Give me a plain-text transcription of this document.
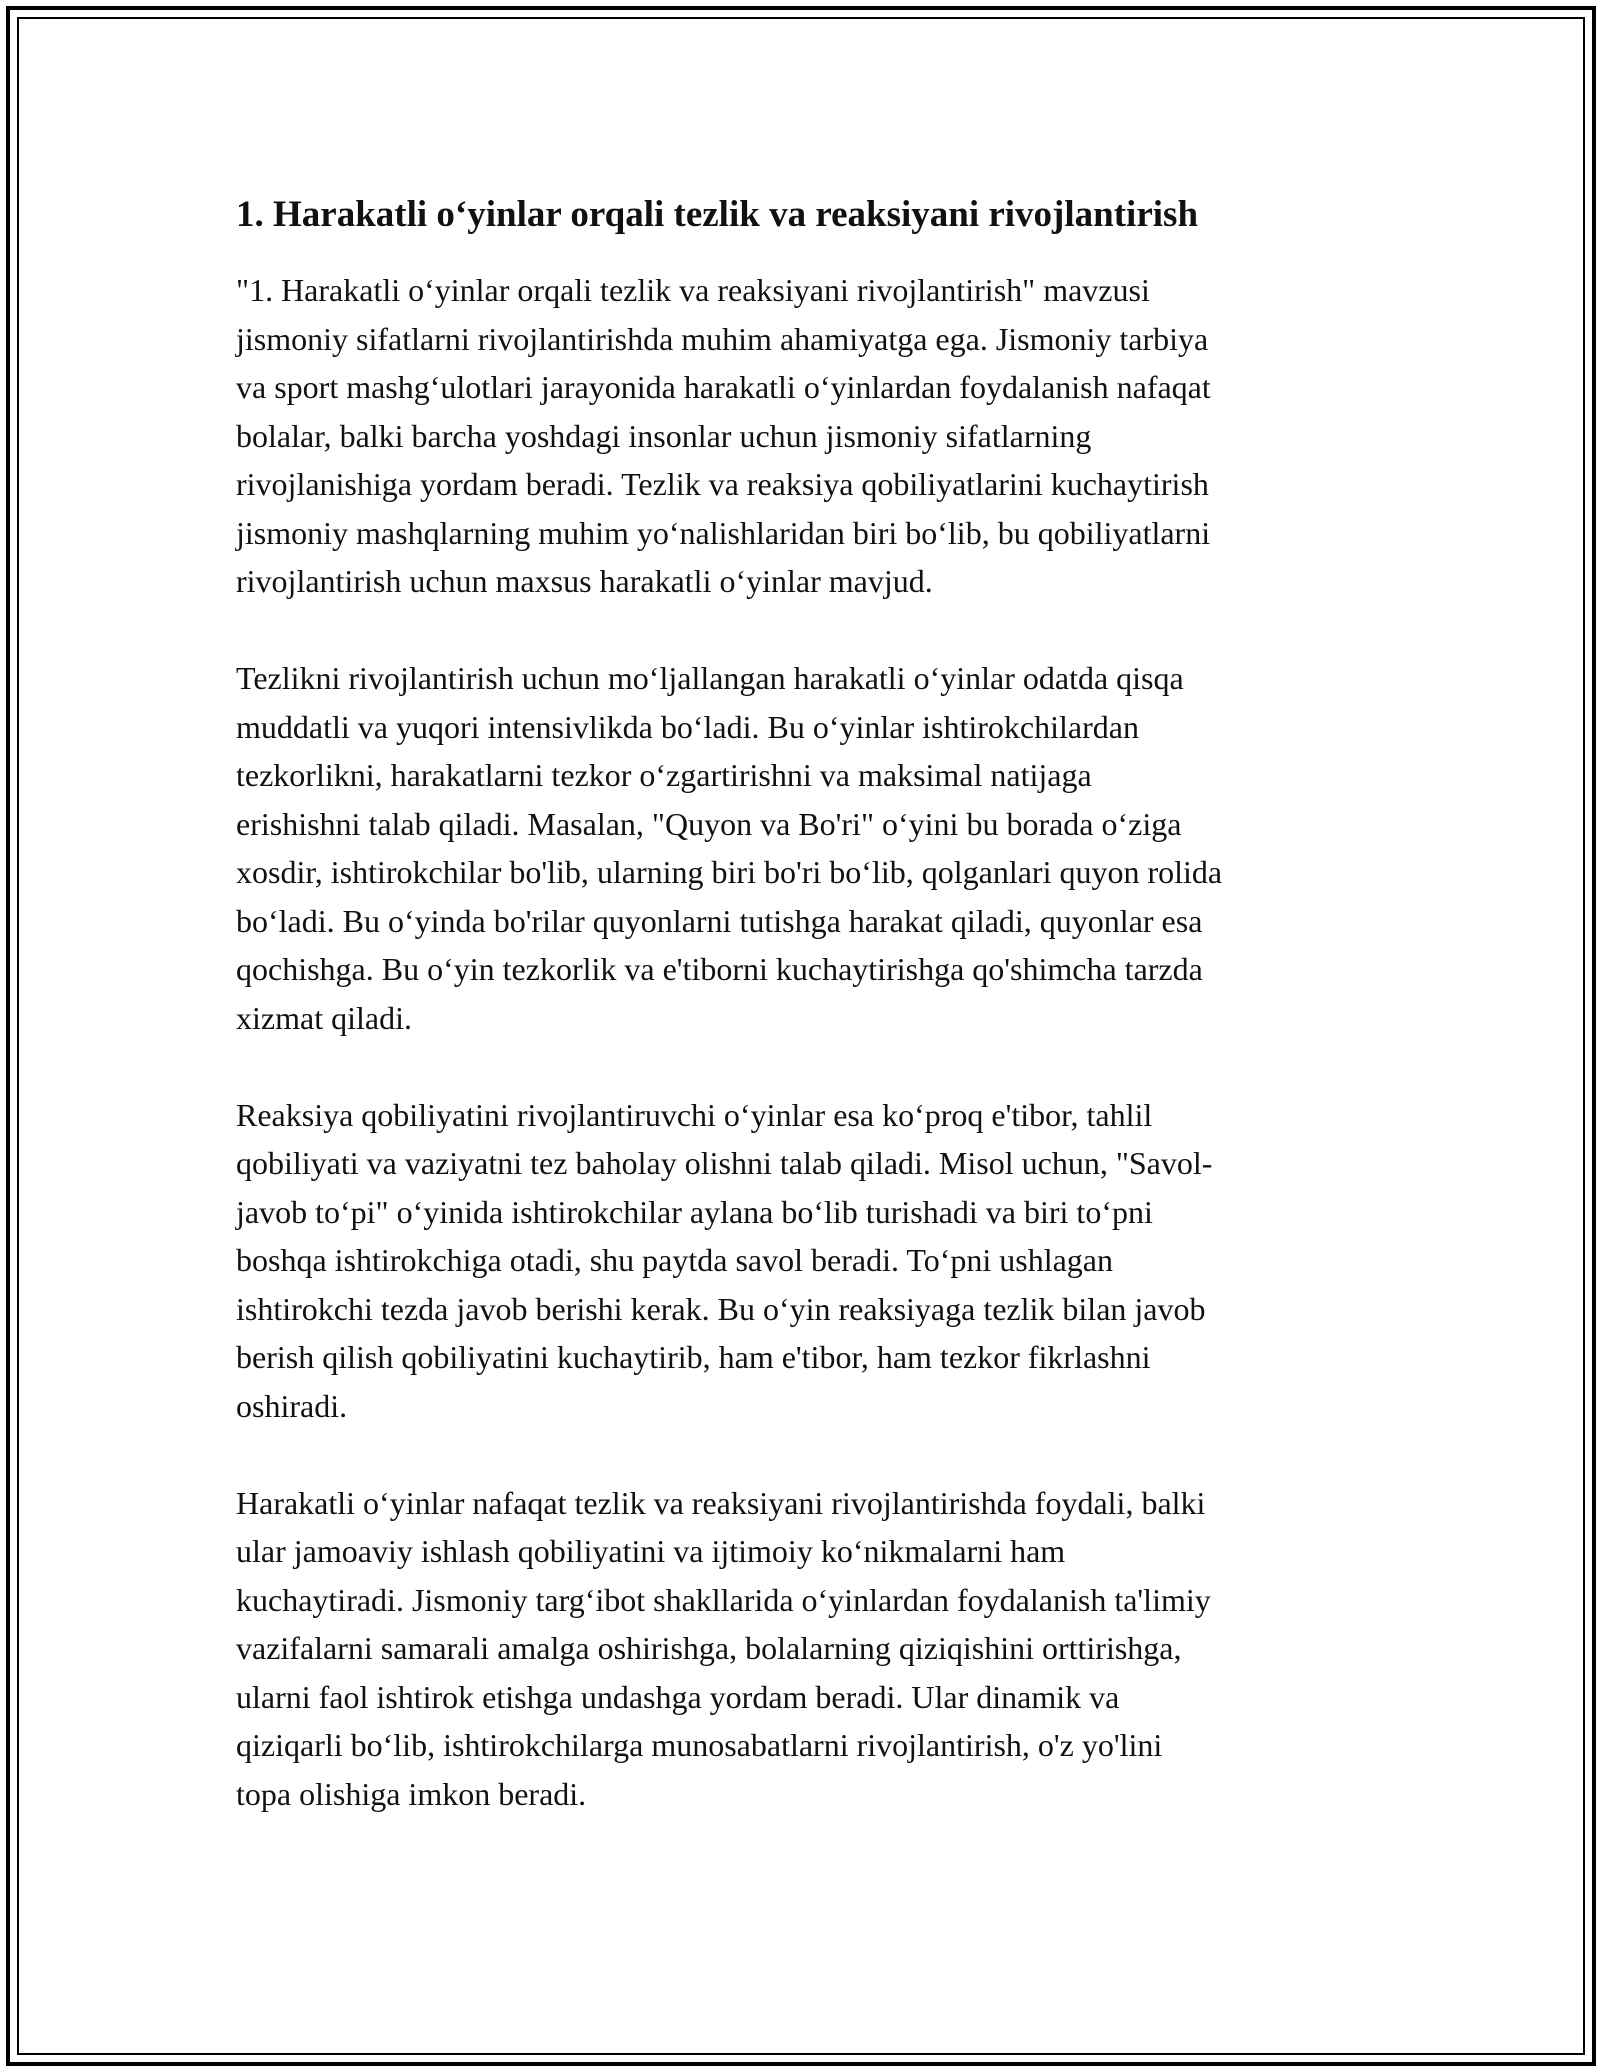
1. Harakatli o‘yinlar orqali tezlik va reaksiyani rivojlantirish

"1. Harakatli o‘yinlar orqali tezlik va reaksiyani rivojlantirish" mavzusi
jismoniy sifatlarni rivojlantirishda muhim ahamiyatga ega. Jismoniy tarbiya
va sport mashg‘ulotlari jarayonida harakatli o‘yinlardan foydalanish nafaqat
bolalar, balki barcha yoshdagi insonlar uchun jismoniy sifatlarning
rivojlanishiga yordam beradi. Tezlik va reaksiya qobiliyatlarini kuchaytirish
jismoniy mashqlarning muhim yo‘nalishlaridan biri bo‘lib, bu qobiliyatlarni
rivojlantirish uchun maxsus harakatli o‘yinlar mavjud.

Tezlikni rivojlantirish uchun mo‘ljallangan harakatli o‘yinlar odatda qisqa
muddatli va yuqori intensivlikda bo‘ladi. Bu o‘yinlar ishtirokchilardan
tezkorlikni, harakatlarni tezkor o‘zgartirishni va maksimal natijaga
erishishni talab qiladi. Masalan, "Quyon va Bo'ri" o‘yini bu borada o‘ziga
xosdir, ishtirokchilar bo'lib, ularning biri bo'ri bo‘lib, qolganlari quyon rolida
bo‘ladi. Bu o‘yinda bo'rilar quyonlarni tutishga harakat qiladi, quyonlar esa
qochishga. Bu o‘yin tezkorlik va e'tiborni kuchaytirishga qo'shimcha tarzda
xizmat qiladi.

Reaksiya qobiliyatini rivojlantiruvchi o‘yinlar esa ko‘proq e'tibor, tahlil
qobiliyati va vaziyatni tez baholay olishni talab qiladi. Misol uchun, "Savol-
javob to‘pi" o‘yinida ishtirokchilar aylana bo‘lib turishadi va biri to‘pni
boshqa ishtirokchiga otadi, shu paytda savol beradi. To‘pni ushlagan
ishtirokchi tezda javob berishi kerak. Bu o‘yin reaksiyaga tezlik bilan javob
berish qilish qobiliyatini kuchaytirib, ham e'tibor, ham tezkor fikrlashni
oshiradi.

Harakatli o‘yinlar nafaqat tezlik va reaksiyani rivojlantirishda foydali, balki
ular jamoaviy ishlash qobiliyatini va ijtimoiy ko‘nikmalarni ham
kuchaytiradi. Jismoniy targ‘ibot shakllarida o‘yinlardan foydalanish ta'limiy
vazifalarni samarali amalga oshirishga, bolalarning qiziqishini orttirishga,
ularni faol ishtirok etishga undashga yordam beradi. Ular dinamik va
qiziqarli bo‘lib, ishtirokchilarga munosabatlarni rivojlantirish, o'z yo'lini
topa olishiga imkon beradi.
